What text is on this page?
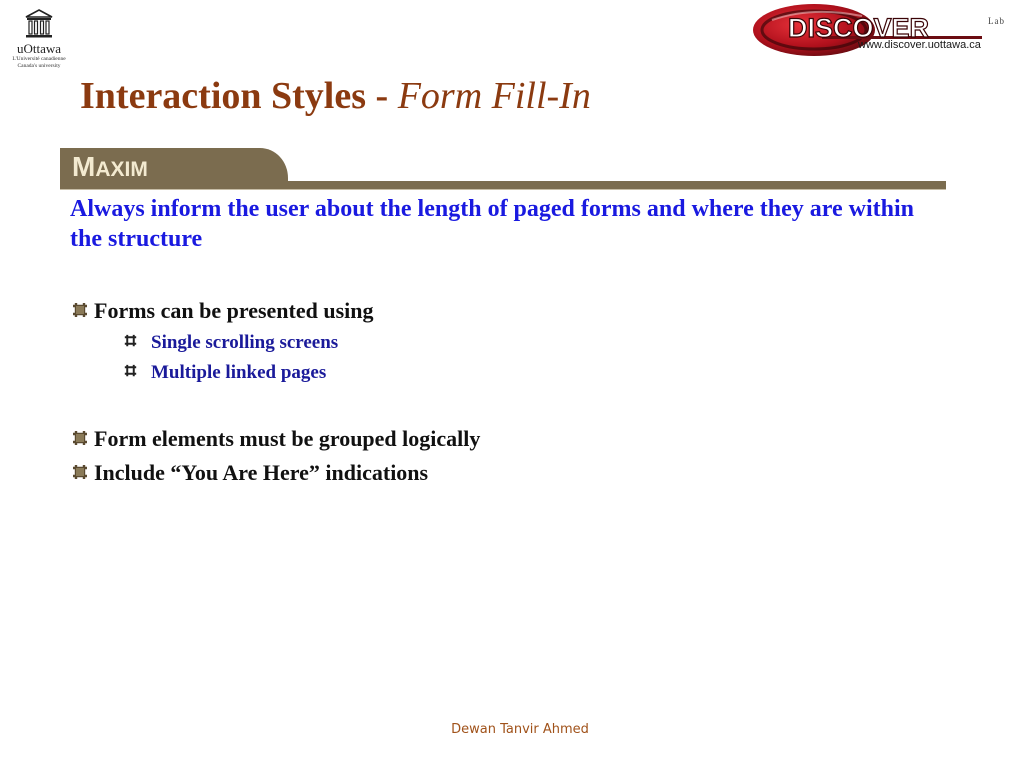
uOttawa
L'Université canadienne
Canada's university
DISCOVER	Lab
www.discover.uottawa.ca
Interaction Styles - Form Fill-In
MAXIM
Always inform the user about the length of paged forms and where they are within the structure
Forms can be presented using
Single scrolling screens
Multiple linked pages
Form elements must be grouped logically
Include “You Are Here” indications
Dewan Tanvir Ahmed
